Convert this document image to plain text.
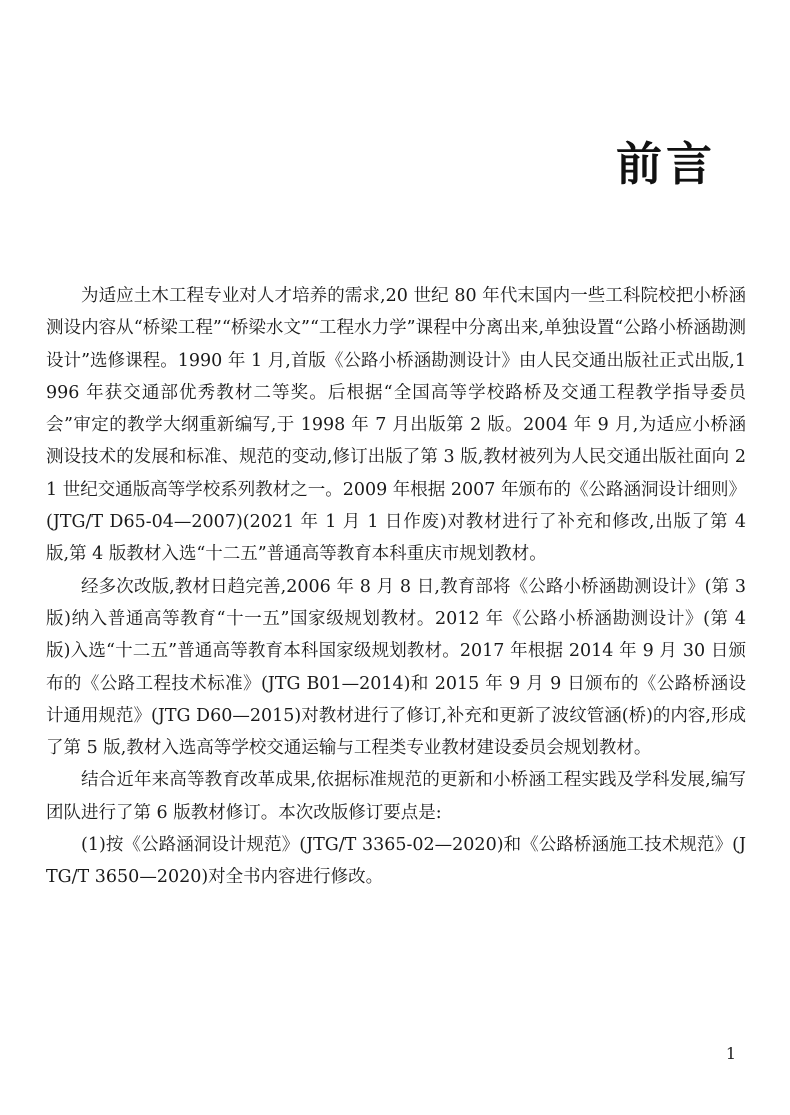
前言

为适应土木工程专业对人才培养的需求,20 世纪 80 年代末国内一些工科院校把小桥涵测设内容从“桥梁工程”“桥梁水文”“工程水力学”课程中分离出来,单独设置“公路小桥涵勘测设计”选修课程。1990 年 1 月,首版《公路小桥涵勘测设计》由人民交通出版社正式出版,1996 年获交通部优秀教材二等奖。后根据“全国高等学校路桥及交通工程教学指导委员会”审定的教学大纲重新编写,于 1998 年 7 月出版第 2 版。2004 年 9 月,为适应小桥涵测设技术的发展和标准、规范的变动,修订出版了第 3 版,教材被列为人民交通出版社面向 21 世纪交通版高等学校系列教材之一。2009 年根据 2007 年颁布的《公路涵洞设计细则》(JTG/T D65-04—2007)(2021 年 1 月 1 日作废)对教材进行了补充和修改,出版了第 4 版,第 4 版教材入选“十二五”普通高等教育本科重庆市规划教材。

经多次改版,教材日趋完善,2006 年 8 月 8 日,教育部将《公路小桥涵勘测设计》(第 3 版)纳入普通高等教育“十一五”国家级规划教材。2012 年《公路小桥涵勘测设计》(第 4 版)入选“十二五”普通高等教育本科国家级规划教材。2017 年根据 2014 年 9 月 30 日颁布的《公路工程技术标准》(JTG B01—2014)和 2015 年 9 月 9 日颁布的《公路桥涵设计通用规范》(JTG D60—2015)对教材进行了修订,补充和更新了波纹管涵(桥)的内容,形成了第 5 版,教材入选高等学校交通运输与工程类专业教材建设委员会规划教材。

结合近年来高等教育改革成果,依据标准规范的更新和小桥涵工程实践及学科发展,编写团队进行了第 6 版教材修订。本次改版修订要点是:

(1)按《公路涵洞设计规范》(JTG/T 3365-02—2020)和《公路桥涵施工技术规范》(JTG/T 3650—2020)对全书内容进行修改。

1
